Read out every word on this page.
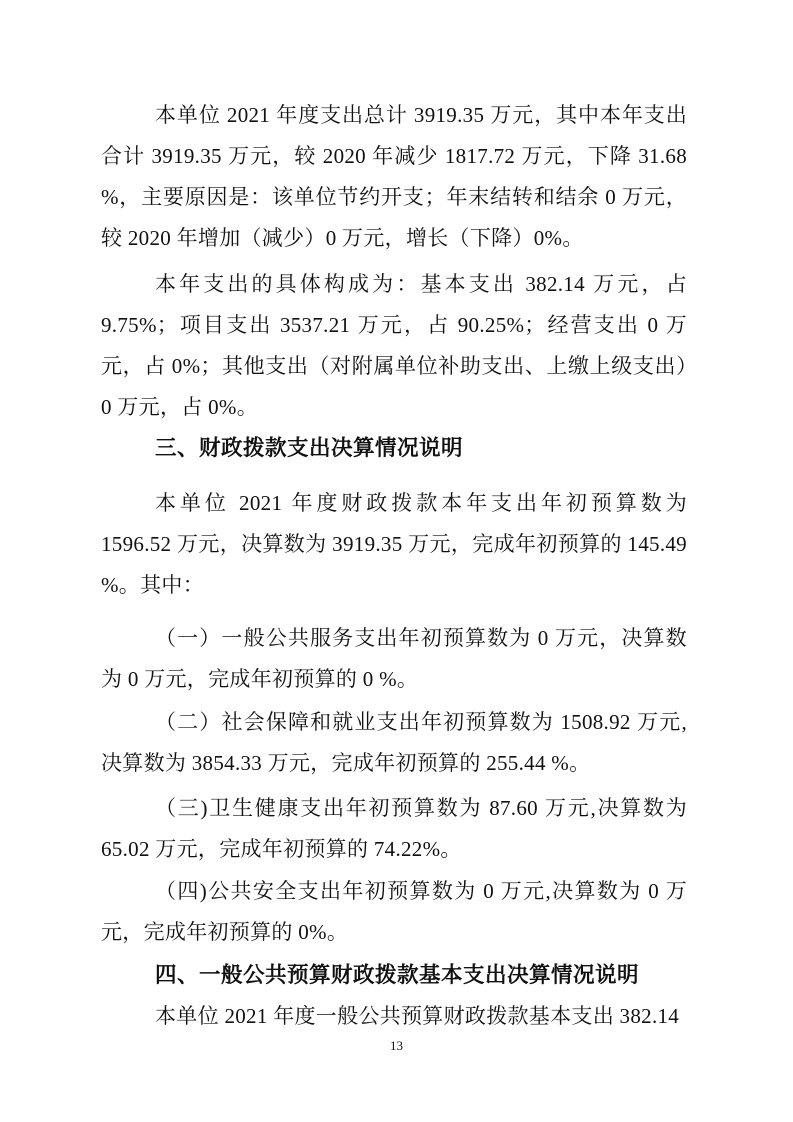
本单位 2021 年度支出总计 3919.35 万元，其中本年支出合计 3919.35 万元，较 2020 年减少 1817.72 万元，下降 31.68 %，主要原因是：该单位节约开支；年末结转和结余 0 万元，较 2020 年增加（减少）0 万元，增长（下降）0%。

本年支出的具体构成为：基本支出 382.14 万元，占 9.75%；项目支出 3537.21 万元，占 90.25%；经营支出 0 万元，占 0%；其他支出（对附属单位补助支出、上缴上级支出）0 万元，占 0%。

三、财政拨款支出决算情况说明

本单位 2021 年度财政拨款本年支出年初预算数为 1596.52 万元，决算数为 3919.35 万元，完成年初预算的 145.49 %。其中：

（一）一般公共服务支出年初预算数为 0 万元，决算数为 0 万元，完成年初预算的 0 %。

（二）社会保障和就业支出年初预算数为 1508.92 万元,决算数为 3854.33 万元，完成年初预算的 255.44 %。

（三)卫生健康支出年初预算数为 87.60 万元,决算数为 65.02 万元，完成年初预算的 74.22%。

（四)公共安全支出年初预算数为 0 万元,决算数为 0 万元，完成年初预算的 0%。

四、一般公共预算财政拨款基本支出决算情况说明

本单位 2021 年度一般公共预算财政拨款基本支出 382.14

13
